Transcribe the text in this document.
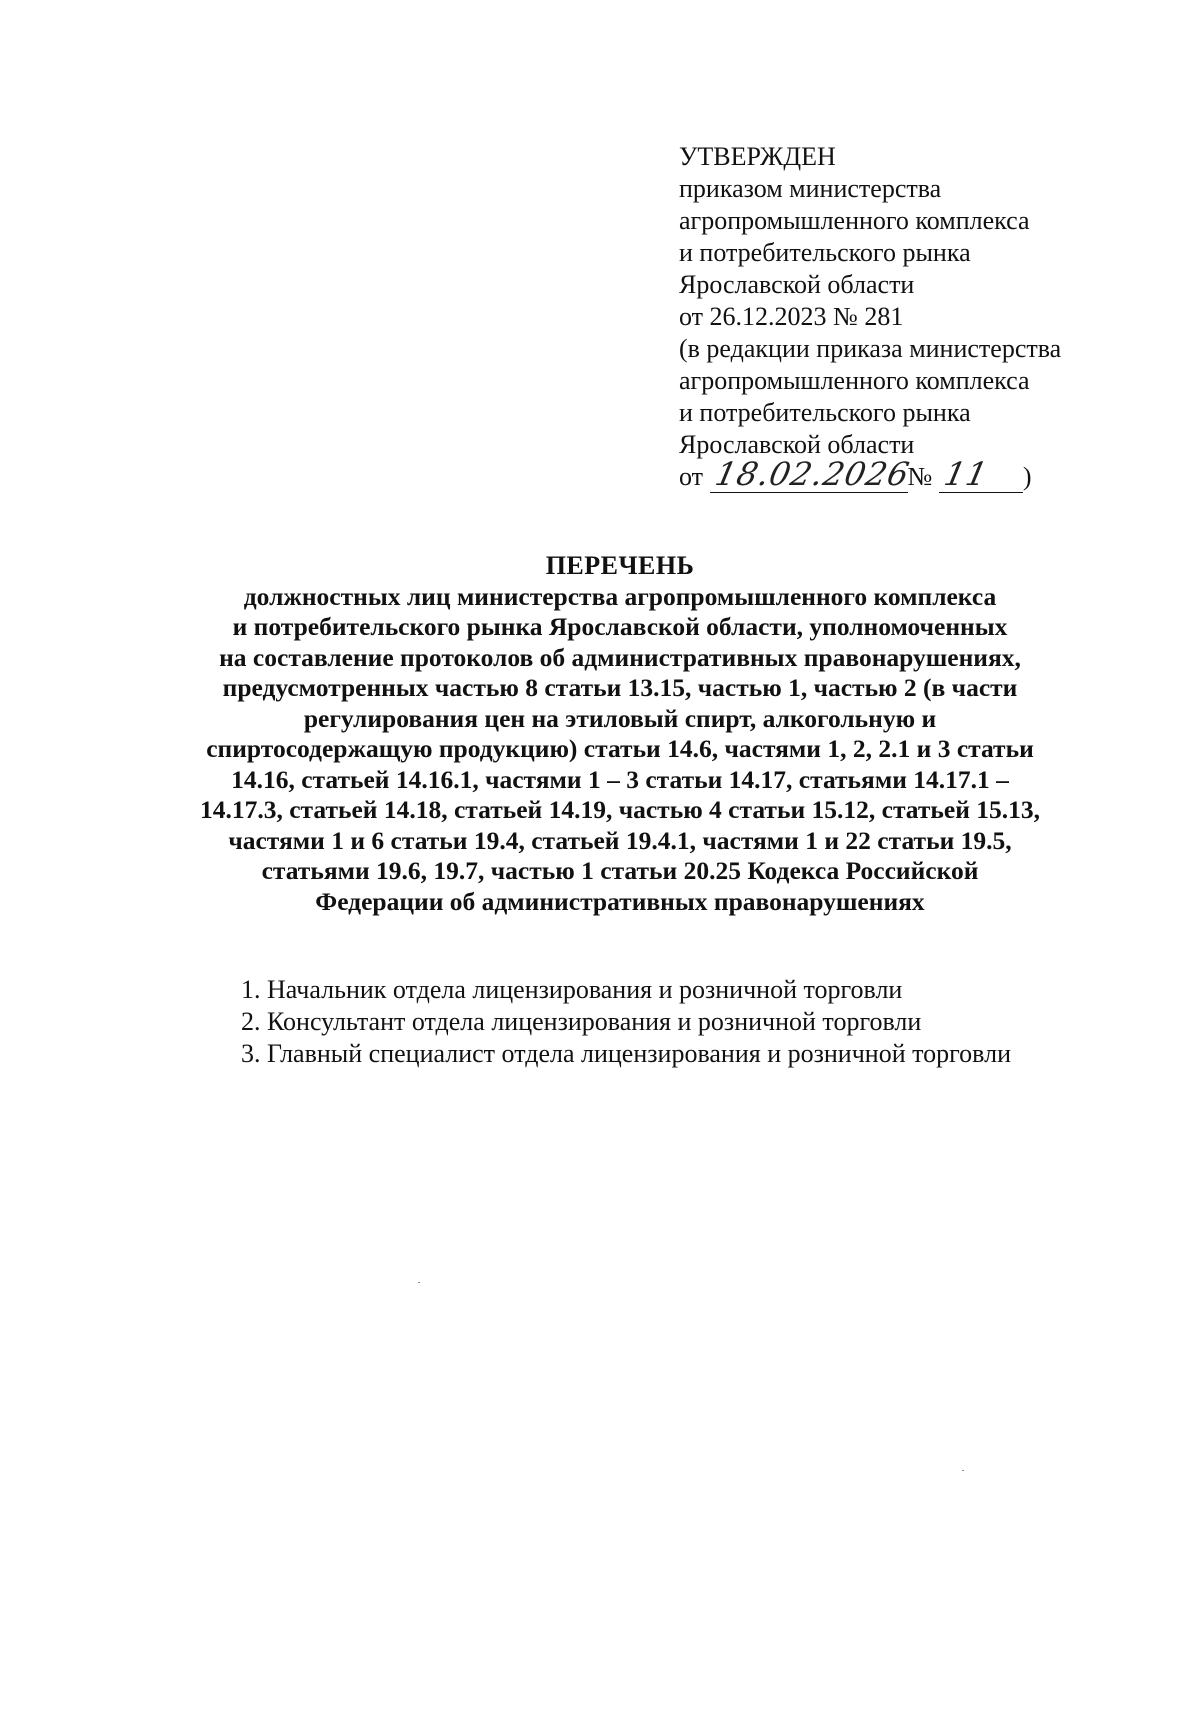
УТВЕРЖДЕН
приказом министерства
агропромышленного комплекса
и потребительского рынка
Ярославской области
от 26.12.2023 № 281
(в редакции приказа министерства
агропромышленного комплекса
и потребительского рынка
Ярославской области
от 18.02.2026
№ 11 )
ПЕРЕЧЕНЬ
должностных лиц министерства агропромышленного комплекса
и потребительского рынка Ярославской области, уполномоченных
на составление протоколов об административных правонарушениях,
предусмотренных частью 8 статьи 13.15, частью 1, частью 2 (в части
регулирования цен на этиловый спирт, алкогольную и
спиртосодержащую продукцию) статьи 14.6, частями 1, 2, 2.1 и 3 статьи
14.16, статьей 14.16.1, частями 1 – 3 статьи 14.17, статьями 14.17.1 –
14.17.3, статьей 14.18, статьей 14.19, частью 4 статьи 15.12, статьей 15.13,
частями 1 и 6 статьи 19.4, статьей 19.4.1, частями 1 и 22 статьи 19.5,
статьями 19.6, 19.7, частью 1 статьи 20.25 Кодекса Российской
Федерации об административных правонарушениях
1. Начальник отдела лицензирования и розничной торговли
2. Консультант отдела лицензирования и розничной торговли
3. Главный специалист отдела лицензирования и розничной торговли
